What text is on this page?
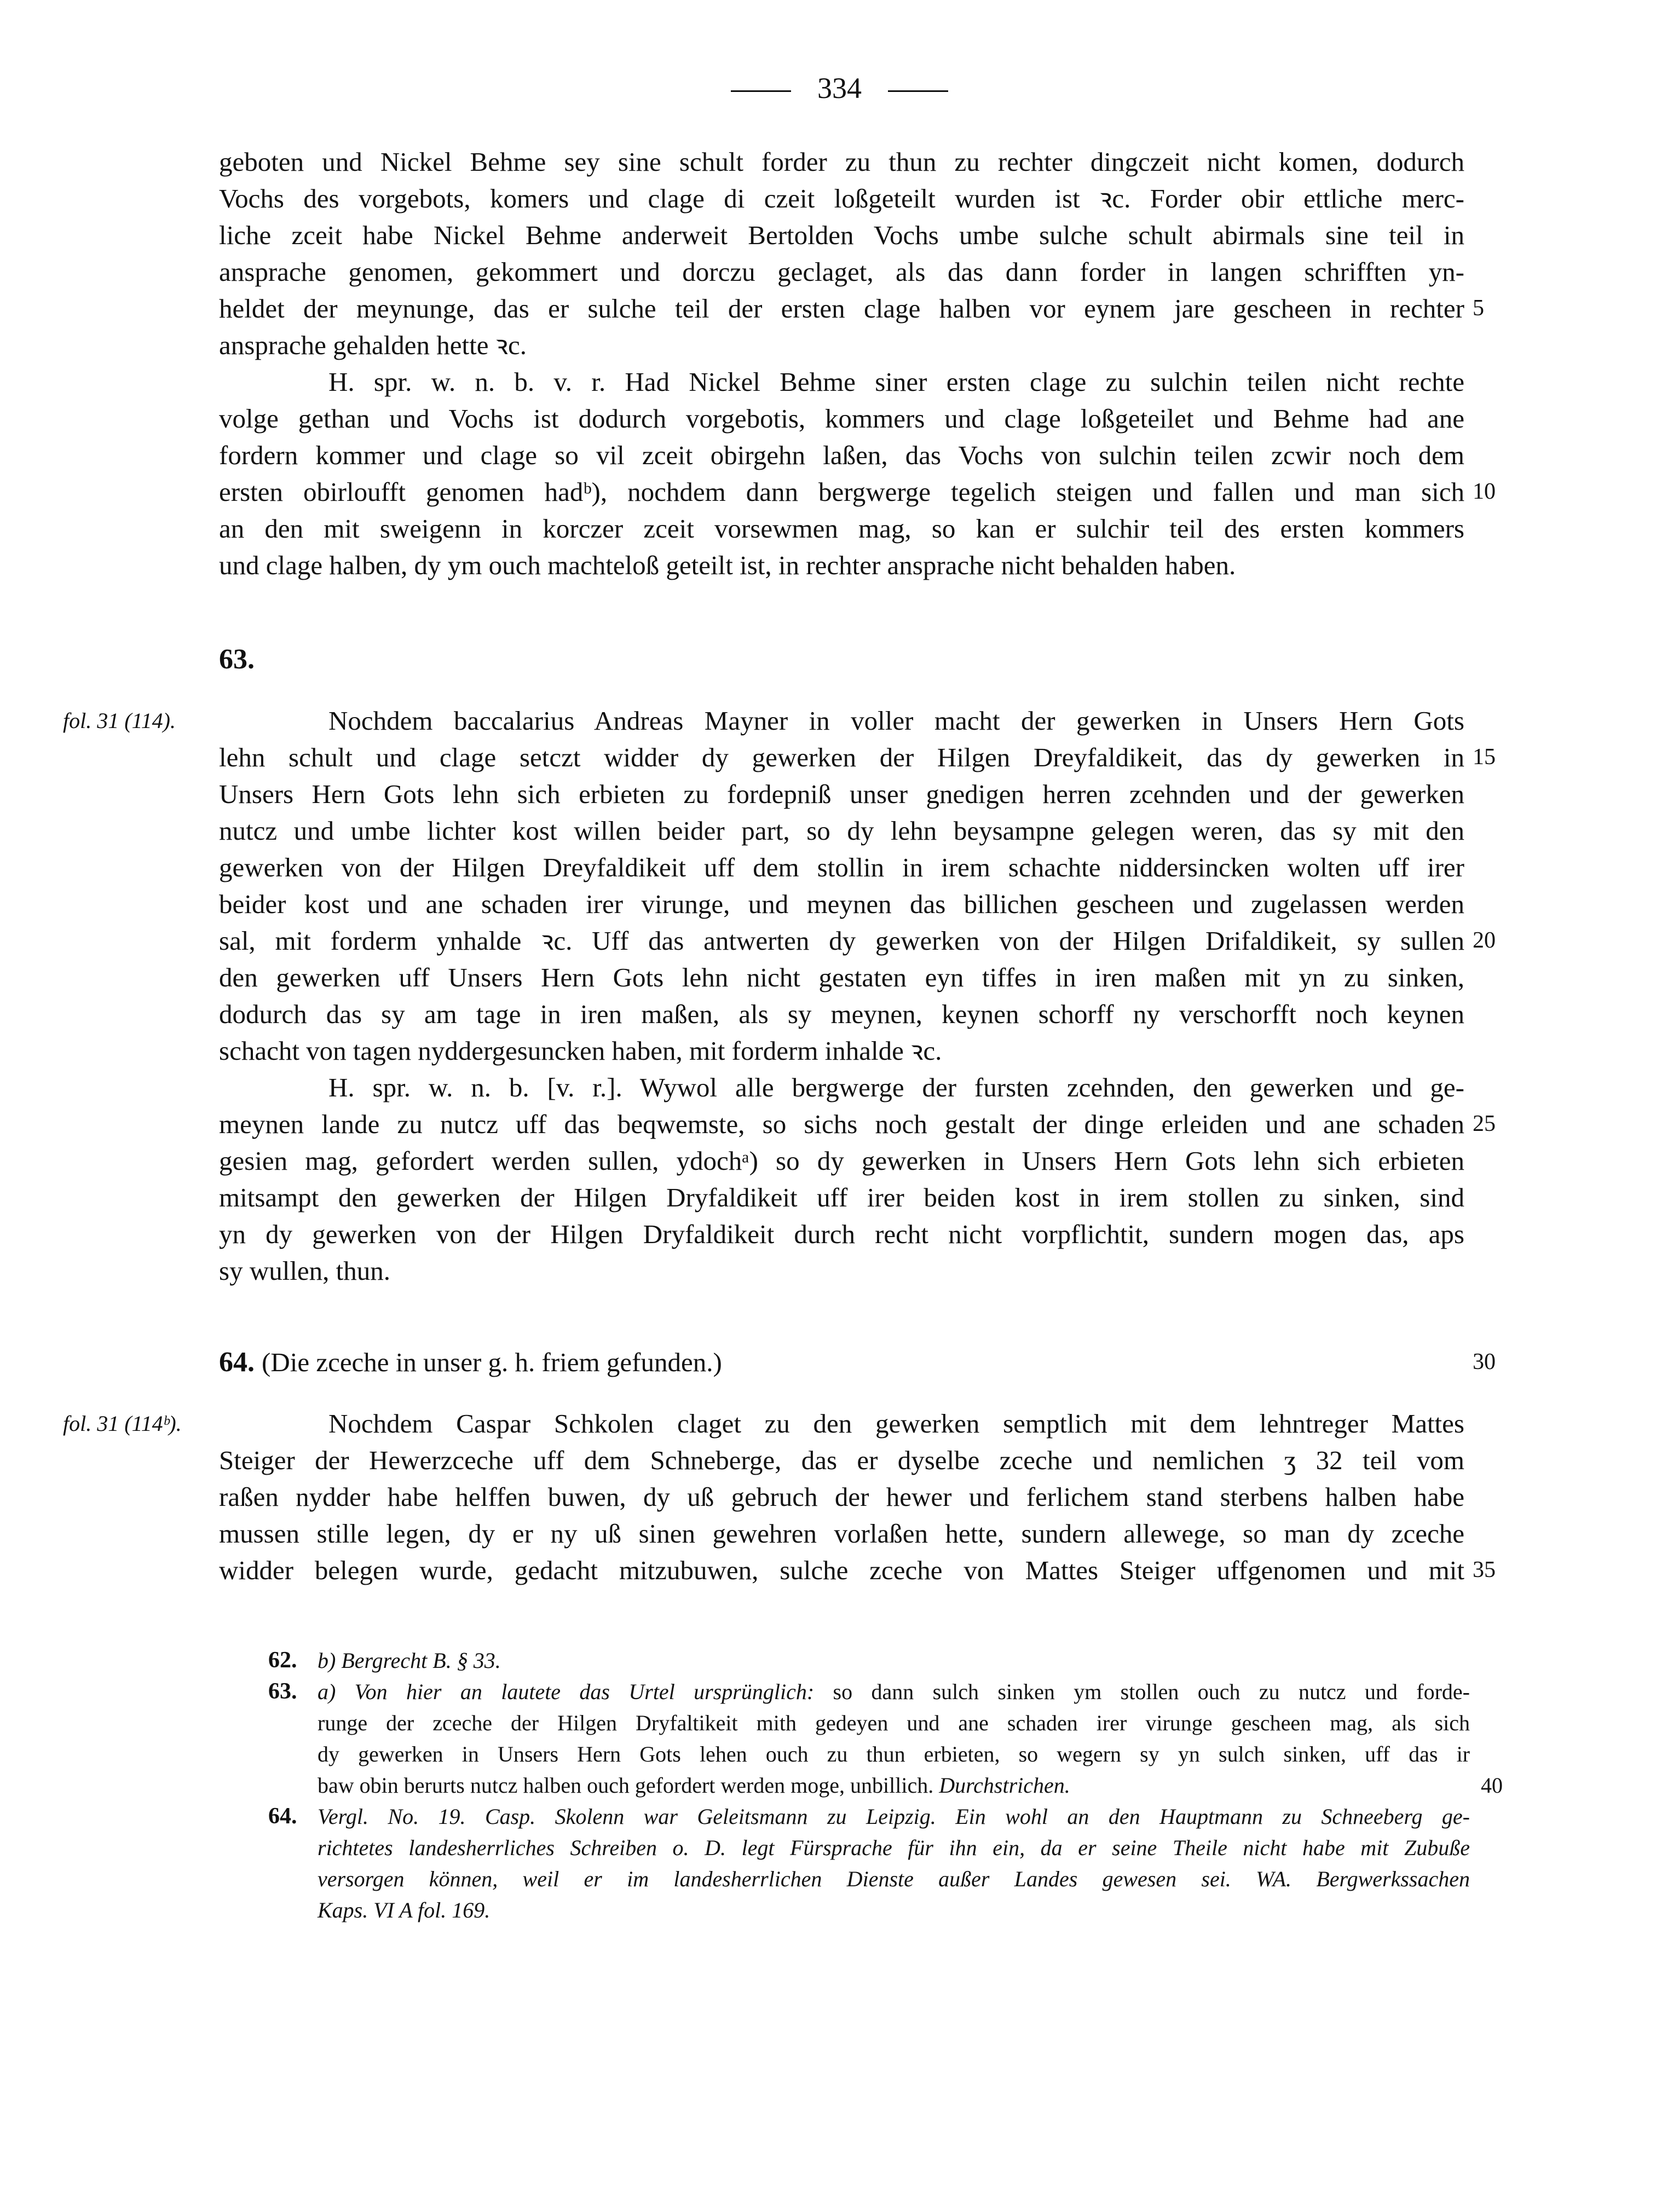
334
geboten und Nickel Behme sey sine schult forder zu thun zu rechter dingczeit nicht komen, dodurch
Vochs des vorgebots, komers und clage di czeit loßgeteilt wurden ist ꝛc. Forder obir ettliche merc-
liche zceit habe Nickel Behme anderweit Bertolden Vochs umbe sulche schult abirmals sine teil in
ansprache genomen, gekommert und dorczu geclaget, als das dann forder in langen schrifften yn-
heldet der meynunge, das er sulche teil der ersten clage halben vor eynem jare gescheen in rechter 5
ansprache gehalden hette ꝛc.
H. spr. w. n. b. v. r. Had Nickel Behme siner ersten clage zu sulchin teilen nicht rechte
volge gethan und Vochs ist dodurch vorgebotis, kommers und clage loßgeteilet und Behme had ane
fordern kommer und clage so vil zceit obirgehn laßen, das Vochs von sulchin teilen zcwir noch dem
ersten obirloufft genomen hadᵇ), nochdem dann bergwerge tegelich steigen und fallen und man sich 10
an den mit sweigenn in korczer zceit vorsewmen mag, so kan er sulchir teil des ersten kommers
und clage halben, dy ym ouch machteloß geteilt ist, in rechter ansprache nicht behalden haben.
63.
fol. 31 (114).	Nochdem baccalarius Andreas Mayner in voller macht der gewerken in Unsers Hern Gots
lehn schult und clage setczt widder dy gewerken der Hilgen Dreyfaldikeit, das dy gewerken in 15
Unsers Hern Gots lehn sich erbieten zu fordерniß unser gnedigen herren zcehnden und der gewerken
nutcz und umbe lichter kost willen beider part, so dy lehn beysampne gelegen weren, das sy mit den
gewerken von der Hilgen Dreyfaldikeit uff dem stollin in irem schachte niddersincken wolten uff irer
beider kost und ane schaden irer virunge, und meynen das billichen gescheen und zugelassen werden
sal, mit forderm ynhalde ꝛc. Uff das antwerten dy gewerken von der Hilgen Drifaldikeit, sy sullen 20
den gewerken uff Unsers Hern Gots lehn nicht gestaten eyn tiffes in iren maßen mit yn zu sinken,
dodurch das sy am tage in iren maßen, als sy meynen, keynen schorff ny verschorfft noch keynen
schacht von tagen nyddergesuncken haben, mit forderm inhalde ꝛc.
H. spr. w. n. b. [v. r.]. Wywol alle bergwerge der fursten zcehnden, den gewerken und ge-
meynen lande zu nutcz uff das beqwemste, so sichs noch gestalt der dinge erleiden und ane schaden 25
gesien mag, gefordert werden sullen, ydochᵃ) so dy gewerken in Unsers Hern Gots lehn sich erbieten
mitsampt den gewerken der Hilgen Dryfaldikeit uff irer beiden kost in irem stollen zu sinken, sind
yn dy gewerken von der Hilgen Dryfaldikeit durch recht nicht vorpflichtit, sundern mogen das, aps
sy wullen, thun.
64. (Die zceche in unser g. h. friem gefunden.)	30
fol. 31 (114ᵇ).	Nochdem Caspar Schkolen claget zu den gewerken semptlich mit dem lehntreger Mattes
Steiger der Hewerzceche uff dem Schneberge, das er dyselbe zceche und nemlichen ʒ 32 teil vom
raßen nydder habe helffen buwen, dy uß gebruch der hewer und ferlichem stand sterbens halben habe
mussen stille legen, dy er ny uß sinen gewehren vorlaßen hette, sundern allewege, so man dy zceche
widder belegen wurde, gedacht mitzubuwen, sulche zceche von Mattes Steiger uffgenomen und mit 35
62. b) Bergrecht B. § 33.
63. a) Von hier an lautete das Urtel ursprünglich: so dann sulch sinken ym stollen ouch zu nutcz und forde-
runge der zceche der Hilgen Dryfaltikeit mith gedeyen und ane schaden irer virunge gescheen mag, als sich
dy gewerken in Unsers Hern Gots lehen ouch zu thun erbieten, so wegern sy yn sulch sinken, uff das ir
baw obin berurts nutcz halben ouch gefordert werden moge, unbillich. Durchstrichen.	40
64. Vergl. No. 19. Casp. Skolenn war Geleitsmann zu Leipzig. Ein wohl an den Hauptmann zu Schneeberg ge-
richtetes landesherrliches Schreiben o. D. legt Fürsprache für ihn ein, da er seine Theile nicht habe mit Zubuße
versorgen können, weil er im landesherrlichen Dienste außer Landes gewesen sei. WA. Bergwerkssachen
Kaps. VI A fol. 169.
